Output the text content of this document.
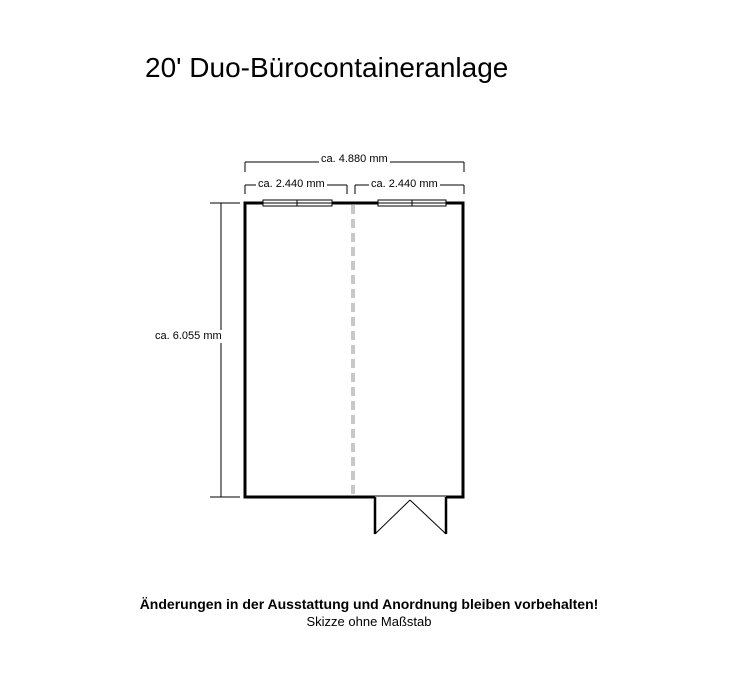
20' Duo-Bürocontaineranlage
ca. 4.880 mm
ca. 2.440 mm	ca. 2.440 mm
ca. 6.055 mm
Änderungen in der Ausstattung und Anordnung bleiben vorbehalten!
Skizze ohne Maßstab
